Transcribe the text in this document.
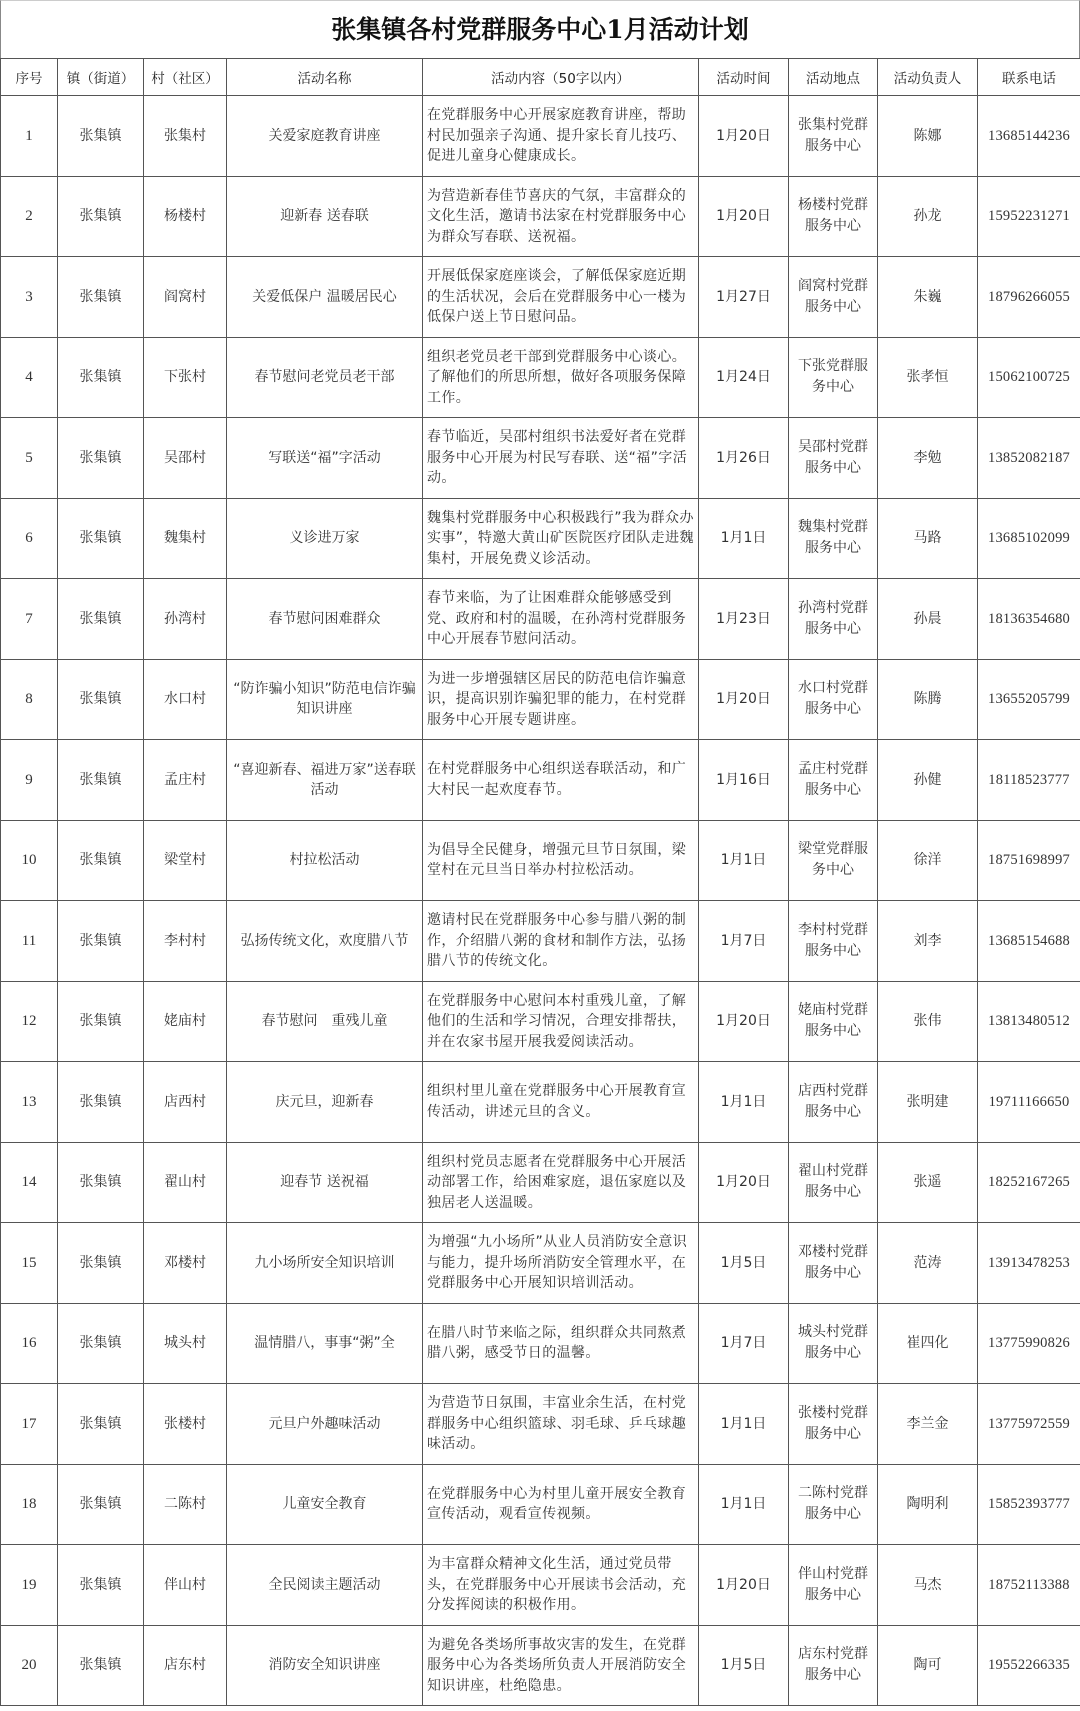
张集镇各村党群服务中心1月活动计划
序号	镇（街道）	村（社区）	活动名称	活动内容（50字以内）	活动时间	活动地点	活动负责人	联系电话
1	张集镇	张集村	关爱家庭教育讲座	在党群服务中心开展家庭教育讲座，帮助村民加强亲子沟通、提升家长育儿技巧、促进儿童身心健康成长。	1月20日	张集村党群服务中心	陈娜	13685144236
2	张集镇	杨楼村	迎新春 送春联	为营造新春佳节喜庆的气氛，丰富群众的文化生活，邀请书法家在村党群服务中心为群众写春联、送祝福。	1月20日	杨楼村党群服务中心	孙龙	15952231271
3	张集镇	阎窝村	关爱低保户 温暖居民心	开展低保家庭座谈会，了解低保家庭近期的生活状况，会后在党群服务中心一楼为低保户送上节日慰问品。	1月27日	阎窝村党群服务中心	朱巍	18796266055
4	张集镇	下张村	春节慰问老党员老干部	组织老党员老干部到党群服务中心谈心。了解他们的所思所想，做好各项服务保障工作。	1月24日	下张党群服务中心	张孝恒	15062100725
5	张集镇	吴邵村	写联送“福”字活动	春节临近，吴邵村组织书法爱好者在党群服务中心开展为村民写春联、送“福”字活动。	1月26日	吴邵村党群服务中心	李勉	13852082187
6	张集镇	魏集村	义诊进万家	魏集村党群服务中心积极践行”我为群众办实事”，特邀大黄山矿医院医疗团队走进魏集村，开展免费义诊活动。	1月1日	魏集村党群服务中心	马路	13685102099
7	张集镇	孙湾村	春节慰问困难群众	春节来临，为了让困难群众能够感受到党、政府和村的温暖，在孙湾村党群服务中心开展春节慰问活动。	1月23日	孙湾村党群服务中心	孙晨	18136354680
8	张集镇	水口村	“防诈骗小知识”防范电信诈骗知识讲座	为进一步增强辖区居民的防范电信诈骗意识，提高识别诈骗犯罪的能力，在村党群服务中心开展专题讲座。	1月20日	水口村党群服务中心	陈腾	13655205799
9	张集镇	孟庄村	“喜迎新春、福进万家”送春联活动	在村党群服务中心组织送春联活动，和广大村民一起欢度春节。	1月16日	孟庄村党群服务中心	孙健	18118523777
10	张集镇	梁堂村	村拉松活动	为倡导全民健身，增强元旦节日氛围，梁堂村在元旦当日举办村拉松活动。	1月1日	梁堂党群服务中心	徐洋	18751698997
11	张集镇	李村村	弘扬传统文化，欢度腊八节	邀请村民在党群服务中心参与腊八粥的制作，介绍腊八粥的食材和制作方法，弘扬腊八节的传统文化。	1月7日	李村村党群服务中心	刘李	13685154688
12	张集镇	姥庙村	春节慰问　重残儿童	在党群服务中心慰问本村重残儿童，了解他们的生活和学习情况，合理安排帮扶，并在农家书屋开展我爱阅读活动。	1月20日	姥庙村党群服务中心	张伟	13813480512
13	张集镇	店西村	庆元旦，迎新春	组织村里儿童在党群服务中心开展教育宣传活动，讲述元旦的含义。	1月1日	店西村党群服务中心	张明建	19711166650
14	张集镇	翟山村	迎春节 送祝福	组织村党员志愿者在党群服务中心开展活动部署工作，给困难家庭，退伍家庭以及独居老人送温暖。	1月20日	翟山村党群服务中心	张遥	18252167265
15	张集镇	邓楼村	九小场所安全知识培训	为增强“九小场所”从业人员消防安全意识与能力，提升场所消防安全管理水平，在党群服务中心开展知识培训活动。	1月5日	邓楼村党群服务中心	范涛	13913478253
16	张集镇	城头村	温情腊八，事事“粥”全	在腊八时节来临之际，组织群众共同熬煮腊八粥，感受节日的温馨。	1月7日	城头村党群服务中心	崔四化	13775990826
17	张集镇	张楼村	元旦户外趣味活动	为营造节日氛围，丰富业余生活，在村党群服务中心组织篮球、羽毛球、乒乓球趣味活动。	1月1日	张楼村党群服务中心	李兰金	13775972559
18	张集镇	二陈村	儿童安全教育	在党群服务中心为村里儿童开展安全教育宣传活动，观看宣传视频。	1月1日	二陈村党群服务中心	陶明利	15852393777
19	张集镇	伴山村	全民阅读主题活动	为丰富群众精神文化生活，通过党员带头，在党群服务中心开展读书会活动，充分发挥阅读的积极作用。	1月20日	伴山村党群服务中心	马杰	18752113388
20	张集镇	店东村	消防安全知识讲座	为避免各类场所事故灾害的发生，在党群服务中心为各类场所负责人开展消防安全知识讲座，杜绝隐患。	1月5日	店东村党群服务中心	陶可	19552266335
